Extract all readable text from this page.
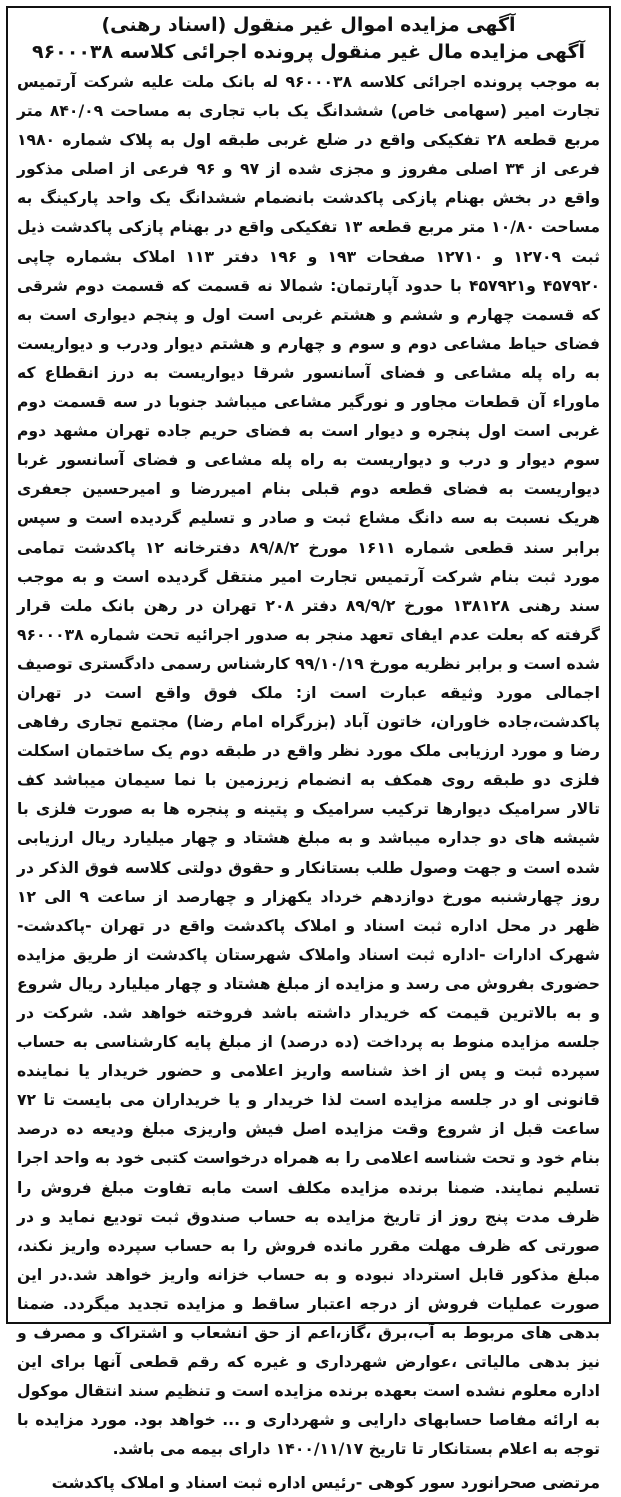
آگهی مزایده اموال غیر منقول (اسناد رهنی)

آگهی مزایده مال غیر منقول پرونده اجرائی کلاسه ۹۶۰۰۰۳۸

به موجب پرونده اجرائی کلاسه ۹۶۰۰۰۳۸ له بانک ملت علیه شرکت آرتمیس تجارت امیر (سهامی خاص) ششدانگ یک باب تجاری به مساحت ۸۴۰/۰۹ متر مربع قطعه ۲۸ تفکیکی واقع در ضلع غربی طبقه اول به پلاک شماره ۱۹۸۰ فرعی از ۳۴ اصلی مفروز و مجزی شده از ۹۷ و ۹۶ فرعی از اصلی مذکور واقع در بخش بهنام پازکی پاکدشت بانضمام ششدانگ یک واحد پارکینگ به مساحت ۱۰/۸۰ متر مربع قطعه ۱۳ تفکیکی واقع در بهنام پازکی پاکدشت ذیل ثبت ۱۲۷۰۹ و ۱۲۷۱۰ صفحات ۱۹۳ و ۱۹۶ دفتر ۱۱۳ املاک بشماره چاپی ۴۵۷۹۲۰ و۴۵۷۹۲۱ با حدود آپارتمان: شمالا نه قسمت که قسمت دوم شرقی که قسمت چهارم و ششم و هشتم غربی است اول و پنجم دیواری است به فضای حیاط مشاعی دوم و سوم و چهارم و هشتم دیوار ودرب و دیواریست به راه پله مشاعی و فضای آسانسور شرقا دیواریست به درز انقطاع که ماوراء آن قطعات مجاور و نورگیر مشاعی میباشد جنوبا در سه قسمت دوم غربی است اول پنجره و دیوار است به فضای حریم جاده تهران مشهد دوم سوم دیوار و درب و دیواریست به راه پله مشاعی و فضای آسانسور غربا دیواریست به فضای قطعه دوم قبلی بنام امیررضا و امیرحسین جعفری هریک نسبت به سه دانگ مشاع ثبت و صادر و تسلیم گردیده است و سپس برابر سند قطعی شماره ۱۶۱۱ مورخ ۸۹/۸/۲ دفترخانه ۱۲ پاکدشت تمامی مورد ثبت بنام شرکت آرتمیس تجارت امیر منتقل گردیده است و به موجب سند رهنی ۱۳۸۱۲۸ مورخ ۸۹/۹/۲ دفتر ۲۰۸ تهران در رهن بانک ملت قرار گرفته که بعلت عدم ایفای تعهد منجر به صدور اجرائیه تحت شماره ۹۶۰۰۰۳۸ شده است و برابر نظریه مورخ ۹۹/۱۰/۱۹ کارشناس رسمی دادگستری توصیف اجمالی مورد وثیقه عبارت است از: ملک فوق واقع است در تهران پاکدشت،جاده خاوران، خاتون آباد (بزرگراه امام رضا) مجتمع تجاری رفاهی رضا و مورد ارزیابی ملک مورد نظر واقع در طبقه دوم یک ساختمان اسکلت فلزی دو طبقه روی همکف به انضمام زیرزمین با نما سیمان میباشد کف تالار سرامیک دیوارها ترکیب سرامیک و پتینه و پنجره ها به صورت فلزی با شیشه های دو جداره میباشد و به مبلغ هشتاد و چهار میلیارد ریال ارزیابی شده است و جهت وصول طلب بستانکار و حقوق دولتی کلاسه فوق الذکر در روز چهارشنبه مورخ دوازدهم خرداد یکهزار و چهارصد از ساعت ۹ الی ۱۲ ظهر در محل اداره ثبت اسناد و املاک پاکدشت واقع در تهران -پاکدشت-شهرک ادارات -اداره ثبت اسناد واملاک شهرستان پاکدشت از طریق مزایده حضوری بفروش می رسد و مزایده از مبلغ هشتاد و چهار میلیارد ریال شروع و به بالاترین قیمت که خریدار داشته باشد فروخته خواهد شد. شرکت در جلسه مزایده منوط به پرداخت (ده درصد) از مبلغ پایه کارشناسی به حساب سپرده ثبت و پس از اخذ شناسه واریز اعلامی و حضور خریدار یا نماینده قانونی او در جلسه مزایده است لذا خریدار و یا خریداران می بایست تا ۷۲ ساعت قبل از شروع وقت مزایده اصل فیش واریزی مبلغ ودیعه ده درصد بنام خود و تحت شناسه اعلامی را به همراه درخواست کتبی خود به واحد اجرا تسلیم نمایند. ضمنا برنده مزایده مکلف است مابه تفاوت مبلغ فروش را ظرف مدت پنج روز از تاریخ مزایده به حساب صندوق ثبت تودیع نماید و در صورتی که ظرف مهلت مقرر مانده فروش را به حساب سپرده واریز نکند، مبلغ مذکور قابل استرداد نبوده و به حساب خزانه واریز خواهد شد.در این صورت عملیات فروش از درجه اعتبار ساقط و مزایده تجدید میگردد. ضمنا بدهی های مربوط به آب،برق ،گاز،اعم از حق انشعاب و اشتراک و مصرف و نیز بدهی مالیاتی ،عوارض شهرداری و غیره که رقم قطعی آنها برای این اداره معلوم نشده است بعهده برنده مزایده است و تنظیم سند انتقال موکول به ارائه مفاصا حسابهای دارایی و شهرداری و ... خواهد بود. مورد مزایده با توجه به اعلام بستانکار تا تاریخ ۱۴۰۰/۱۱/۱۷ دارای بیمه می باشد.

مرتضی صحرانورد سور کوهی -رئیس اداره ثبت اسناد و املاک پاکدشت
